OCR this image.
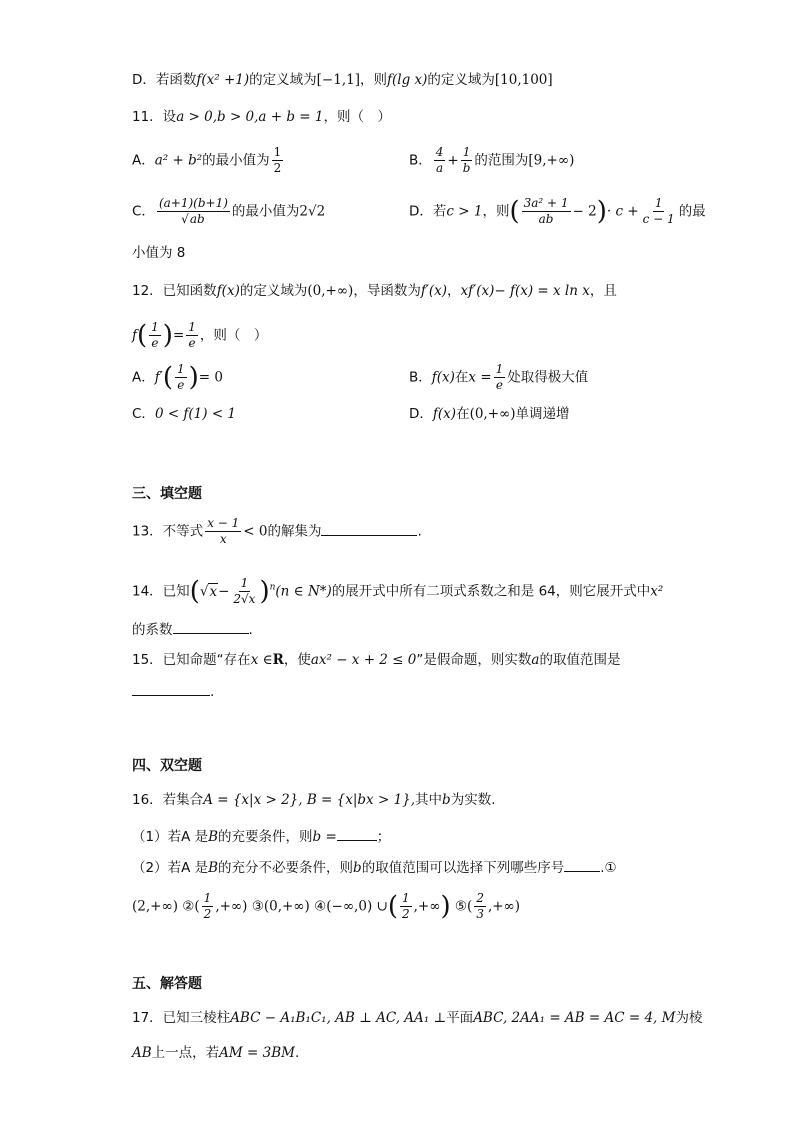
D．若函数f(x² +1)的定义域为[−1,1]，则f(lg x)的定义域为[10,100]
11．设a > 0,b > 0,a + b = 1，则（　）
A．a² + b²的最小值为 $\frac{1}{2}$	B． $\frac{4}{a} + \frac{1}{b}$ 的范围为[9,+∞)
C． $\frac{(a+1)(b+1)}{√ab}$ 的最小值为2√2	D．若c > 1，则( $\frac{\text{3a² + 1}}{ab} - 2)\cdot c + \frac{1}{c - 1}$ 的最
小值为 8
12．已知函数f(x)的定义域为(0,+∞)，导函数为f′(x)，xf′(x)− f(x) = x ln x，且
$f( \frac{1}{e}$ )= $\frac{1}{e}$ ，则（　）
A．$f'( \frac{1}{e}$ )= 0	B．f(x)在$x = \frac{1}{e}$ 处取得极大值
C．0 < f(1) < 1	D．f(x)在(0,+∞)单调递增
三、填空题
13．不等式 $\frac{x - 1}{x} < 0$的解集为	.
14．已知$(√x- \frac{1}{2√x} )^n(n$ ∈ N*)的展开式中所有二项式系数之和是 64，则它展开式中x²
的系数	.
15．已知命题“存在x ∈R，使ax² − x + 2 ≤ 0”是假命题，则实数a的取值范围是
.
四、双空题
16．若集合A = {x|x > 2}, B = {x|bx > 1},其中b为实数.
（1）若A 是B的充要条件，则b =	；
（2）若A 是B的充分不必要条件，则b的取值范围可以选择下列哪些序号	.①
(2,+∞) ②( $\frac{1}{2}$ ,+∞) ③(0,+∞) ④(−∞,0) ∪( $\frac{1}{2}$ ,+∞) ⑤( $\frac{2}{3}$ ,+∞)
五、解答题
17．已知三棱柱ABC − A₁B₁C₁, AB ⊥ AC, AA₁ ⊥平面ABC, 2AA₁ = AB = AC = 4, M为棱
AB上一点，若AM = 3BM.
